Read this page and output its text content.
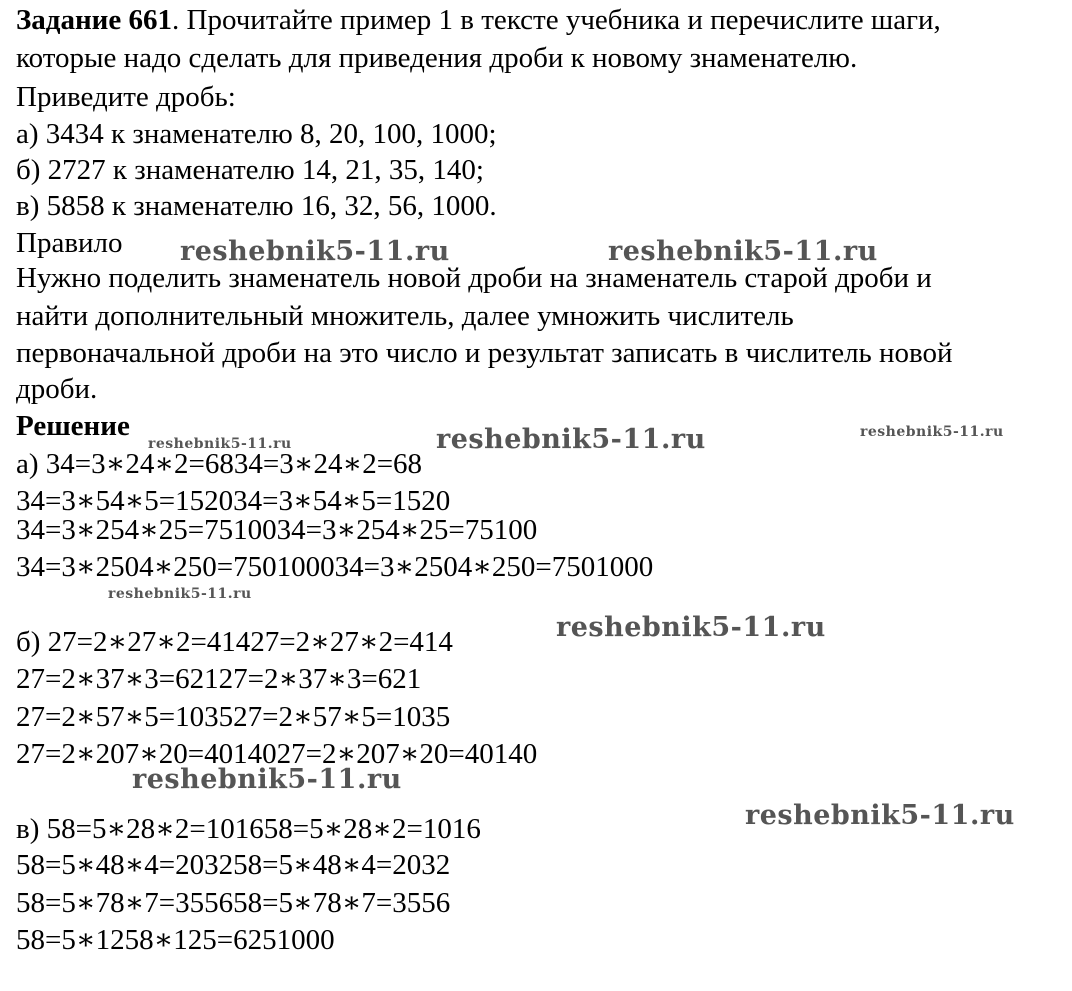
Задание 661. Прочитайте пример 1 в тексте учебника и перечислите шаги,
которые надо сделать для приведения дроби к новому знаменателю.
Приведите дробь:
а) 3434 к знаменателю 8, 20, 100, 1000;
б) 2727 к знаменателю 14, 21, 35, 140;
в) 5858 к знаменателю 16, 32, 56, 1000.
Правило
Нужно поделить знаменатель новой дроби на знаменатель старой дроби и
найти дополнительный множитель, далее умножить числитель
первоначальной дроби на это число и результат записать в числитель новой
дроби.
Решение
а) 34=3∗24∗2=6834=3∗24∗2=68
34=3∗54∗5=152034=3∗54∗5=1520
34=3∗254∗25=7510034=3∗254∗25=75100
34=3∗2504∗250=750100034=3∗2504∗250=7501000
б) 27=2∗27∗2=41427=2∗27∗2=414
27=2∗37∗3=62127=2∗37∗3=621
27=2∗57∗5=103527=2∗57∗5=1035
27=2∗207∗20=4014027=2∗207∗20=40140
в) 58=5∗28∗2=101658=5∗28∗2=1016
58=5∗48∗4=203258=5∗48∗4=2032
58=5∗78∗7=355658=5∗78∗7=3556
58=5∗1258∗125=6251000
reshebnik5-11.ru	reshebnik5-11.ru
reshebnik5-11.ru	reshebnik5-11.ru	reshebnik5-11.ru
reshebnik5-11.ru
reshebnik5-11.ru
reshebnik5-11.ru
reshebnik5-11.ru
